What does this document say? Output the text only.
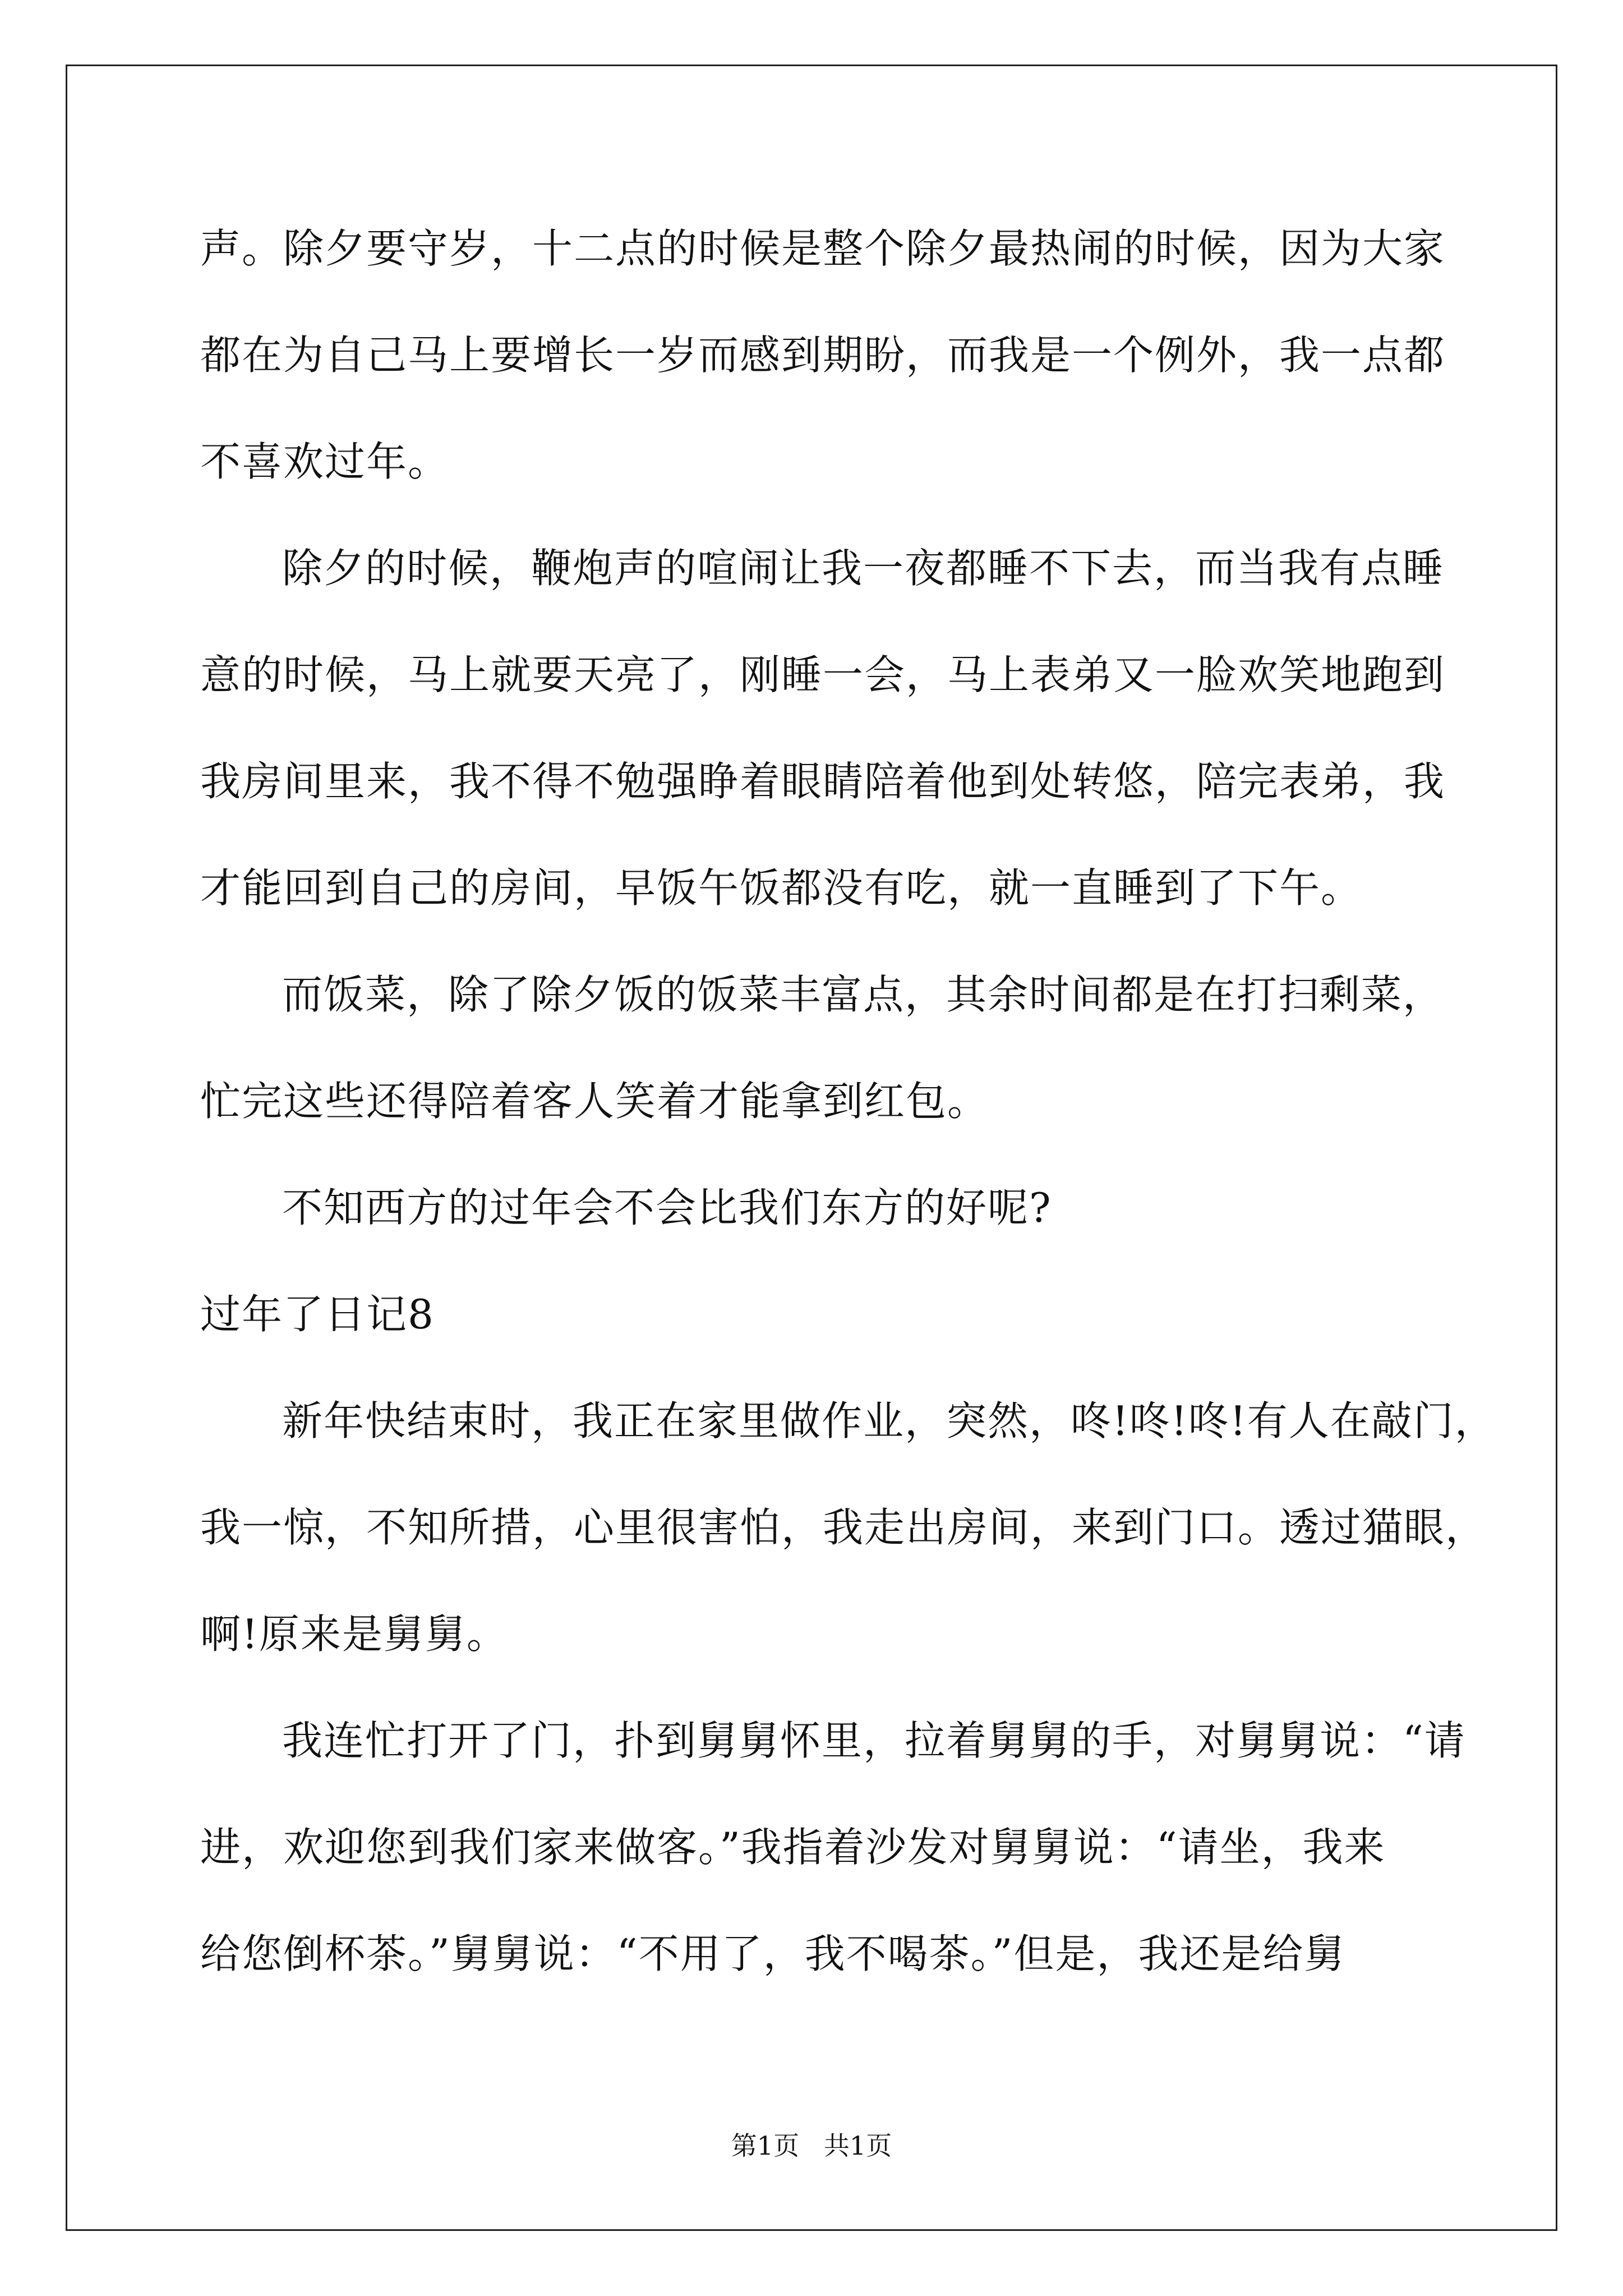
声。除夕要守岁，十二点的时候是整个除夕最热闹的时候，因为大家
都在为自己马上要增长一岁而感到期盼，而我是一个例外，我一点都
不喜欢过年。
除夕的时候，鞭炮声的喧闹让我一夜都睡不下去，而当我有点睡
意的时候，马上就要天亮了，刚睡一会，马上表弟又一脸欢笑地跑到
我房间里来，我不得不勉强睁着眼睛陪着他到处转悠，陪完表弟，我
才能回到自己的房间，早饭午饭都没有吃，就一直睡到了下午。
而饭菜，除了除夕饭的饭菜丰富点，其余时间都是在打扫剩菜，
忙完这些还得陪着客人笑着才能拿到红包。
不知西方的过年会不会比我们东方的好呢?
过年了日记8
新年快结束时，我正在家里做作业，突然，咚!咚!咚!有人在敲门，
我一惊，不知所措，心里很害怕，我走出房间，来到门口。透过猫眼，
啊!原来是舅舅。
我连忙打开了门，扑到舅舅怀里，拉着舅舅的手，对舅舅说：“请
进，欢迎您到我们家来做客。”我指着沙发对舅舅说：“请坐，我来
给您倒杯茶。”舅舅说：“不用了，我不喝茶。”但是，我还是给舅
第1页   共1页
